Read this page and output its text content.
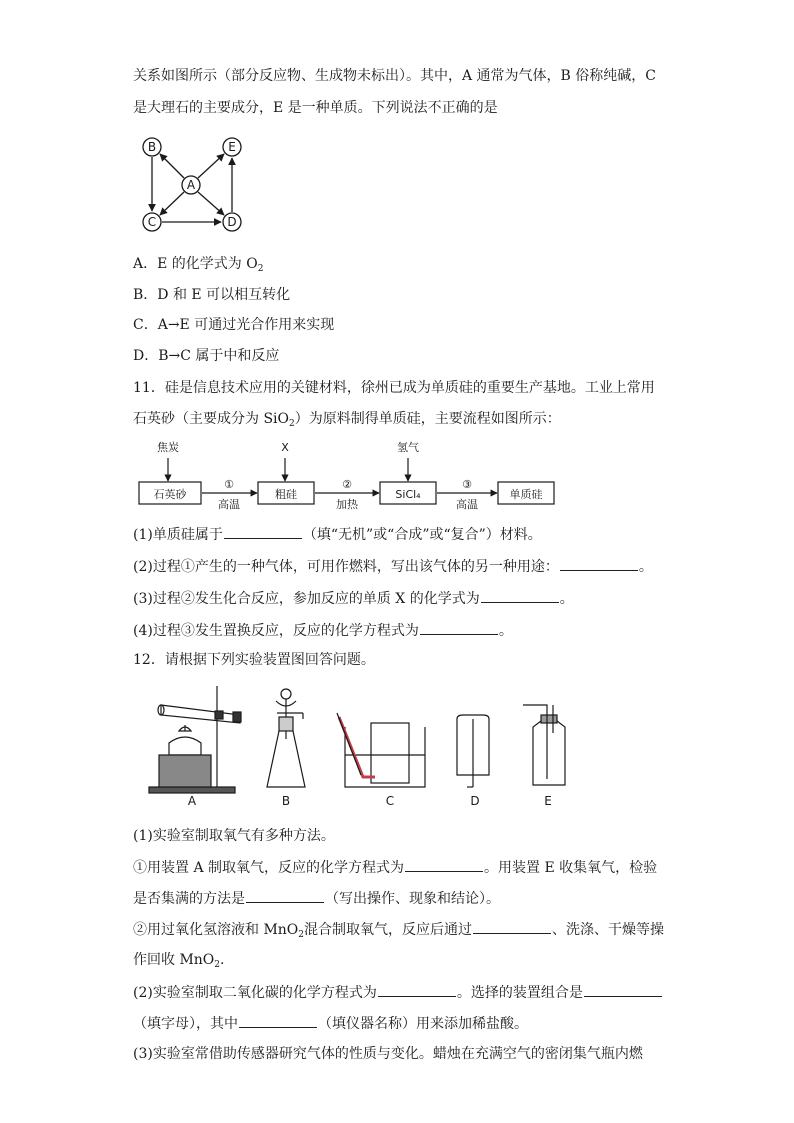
关系如图所示（部分反应物、生成物未标出）。其中，A 通常为气体，B 俗称纯碱，C
是大理石的主要成分，E 是一种单质。下列说法不正确的是
B	E
A
C	D
A．E 的化学式为 $O_2$
B．D 和 E 可以相互转化
C．A→E 可通过光合作用来实现
D．B→C 属于中和反应
11．硅是信息技术应用的关键材料，徐州已成为单质硅的重要生产基地。工业上常用
石英砂（主要成分为 SiO$_2$）为原料制得单质硅，主要流程如图所示：
焦炭	X	氢气
石英砂	粗硅	SiCl₄	单质硅
①	②	③
高温	加热	高温
(1)单质硅属于	（填“无机”或“合成”或“复合”）材料。
(2)过程①产生的一种气体，可用作燃料，写出该气体的另一种用途：	。
(3)过程②发生化合反应，参加反应的单质 X 的化学式为	。
(4)过程③发生置换反应，反应的化学方程式为	。
12．请根据下列实验装置图回答问题。
A	B	C	D	E
(1)实验室制取氧气有多种方法。
①用装置 A 制取氧气，反应的化学方程式为	。用装置 E 收集氧气，检验
是否集满的方法是	（写出操作、现象和结论）。
②用过氧化氢溶液和 MnO$_2$混合制取氧气，反应后通过	、洗涤、干燥等操
作回收 MnO$_2$.
(2)实验室制取二氧化碳的化学方程式为	。选择的装置组合是
（填字母），其中	（填仪器名称）用来添加稀盐酸。
(3)实验室常借助传感器研究气体的性质与变化。蜡烛在充满空气的密闭集气瓶内燃
